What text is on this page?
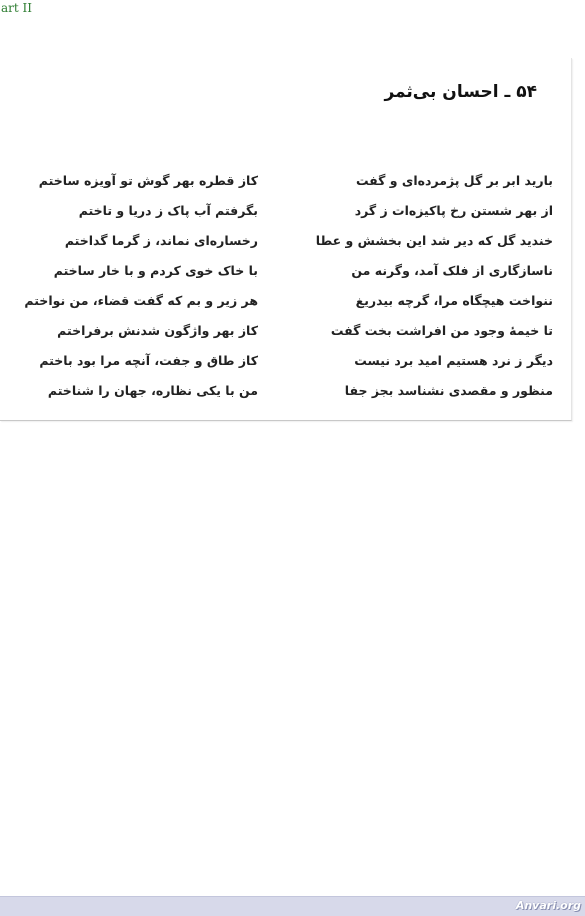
art II
۵۴ ـ احسان بی‌ثمر
بارید ابر بر گل پژمرده‌ای و گفت
از بهر شستن رخ پاکیزه‌ات ز گرد
خندید گل که دیر شد این بخشش و عطا
ناسازگاری از فلک آمد، وگرنه من
ننواخت هیچگاه مرا، گرچه بیدریغ
تا خیمهٔ وجود من افراشت بخت گفت
دیگر ز نرد هستیم امید برد نیست
منظور و مقصدی نشناسد بجز جفا
کاز قطره بهر گوش تو آویزه ساختم
بگرفتم آب پاک ز دریا و تاختم
رخساره‌ای نماند، ز گرما گداختم
با خاک خوی کردم و با خار ساختم
هر زیر و بم که گفت قضاء، من نواختم
کاز بهر واژگون شدنش برفراختم
کاز طاق و جفت، آنچه مرا بود باختم
من با یکی نظاره، جهان را شناختم
Anvari.org
